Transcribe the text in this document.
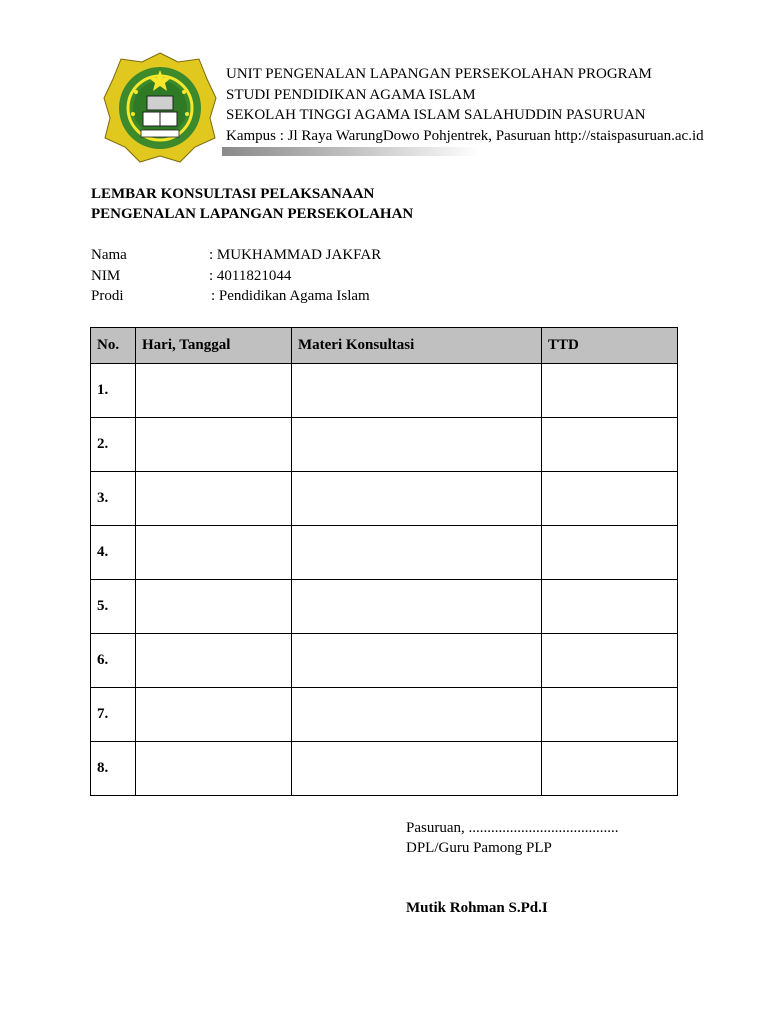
UNIT PENGENALAN LAPANGAN PERSEKOLAHAN PROGRAM
STUDI PENDIDIKAN AGAMA ISLAM
SEKOLAH TINGGI AGAMA ISLAM SALAHUDDIN PASURUAN
Kampus : Jl Raya WarungDowo Pohjentrek, Pasuruan http://staispasuruan.ac.id
LEMBAR KONSULTASI PELAKSANAAN
PENGENALAN LAPANGAN PERSEKOLAHAN
Nama	: MUKHAMMAD JAKFAR
NIM	: 4011821044
Prodi	: Pendidikan Agama Islam
No.	Hari, Tanggal	Materi Konsultasi	TTD
1.			
2.			
3.			
4.			
5.			
6.			
7.			
8.			
Pasuruan, ........................................
DPL/Guru Pamong PLP
Mutik Rohman S.Pd.I
